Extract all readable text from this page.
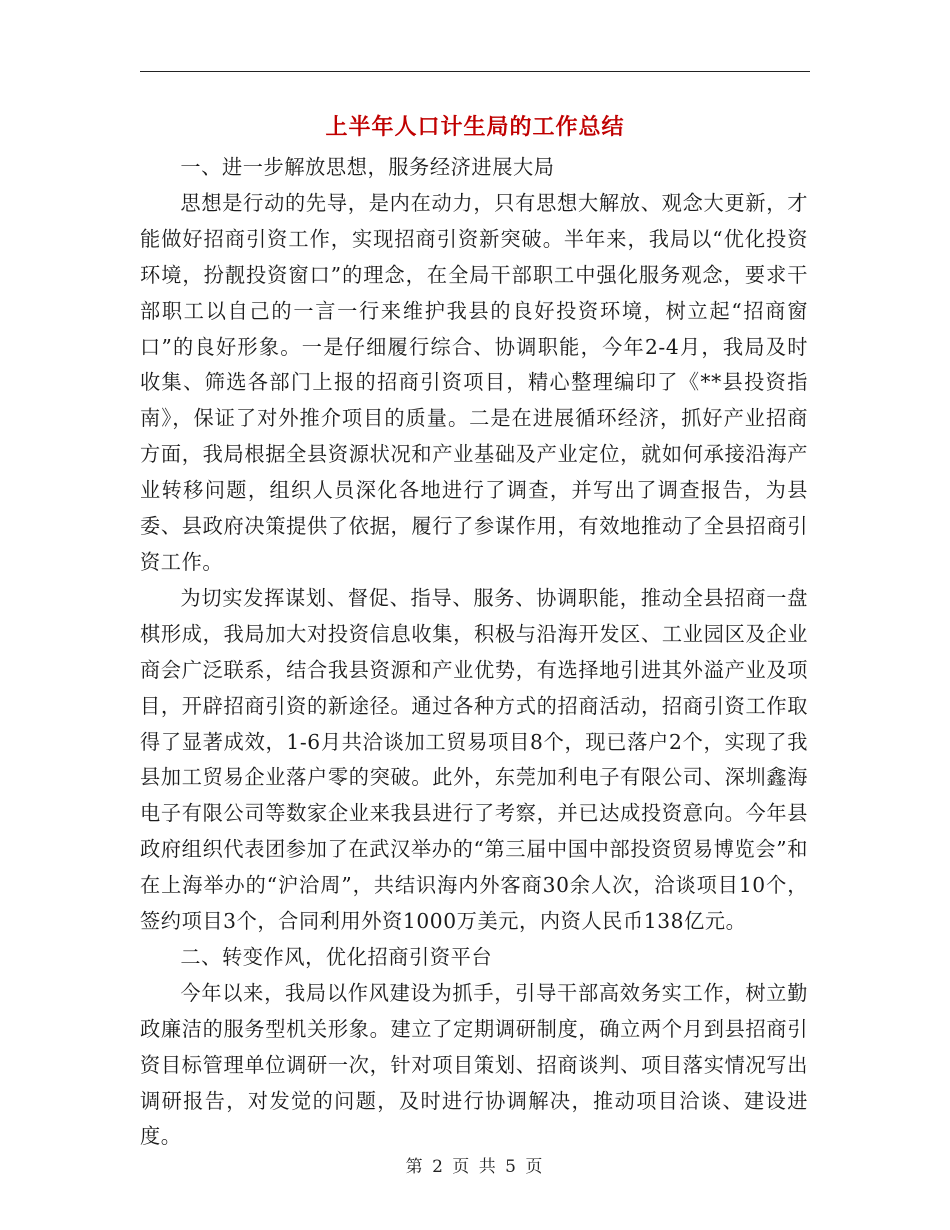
上半年人口计生局的工作总结

一、进一步解放思想，服务经济进展大局

思想是行动的先导，是内在动力，只有思想大解放、观念大更新，才能做好招商引资工作，实现招商引资新突破。半年来，我局以“优化投资环境，扮靓投资窗口”的理念，在全局干部职工中强化服务观念，要求干部职工以自己的一言一行来维护我县的良好投资环境，树立起“招商窗口”的良好形象。一是仔细履行综合、协调职能，今年2-4月，我局及时收集、筛选各部门上报的招商引资项目，精心整理编印了《**县投资指南》，保证了对外推介项目的质量。二是在进展循环经济，抓好产业招商方面，我局根据全县资源状况和产业基础及产业定位，就如何承接沿海产业转移问题，组织人员深化各地进行了调查，并写出了调查报告，为县委、县政府决策提供了依据，履行了参谋作用，有效地推动了全县招商引资工作。

为切实发挥谋划、督促、指导、服务、协调职能，推动全县招商一盘棋形成，我局加大对投资信息收集，积极与沿海开发区、工业园区及企业商会广泛联系，结合我县资源和产业优势，有选择地引进其外溢产业及项目，开辟招商引资的新途径。通过各种方式的招商活动，招商引资工作取得了显著成效，1-6月共洽谈加工贸易项目8个，现已落户2个，实现了我县加工贸易企业落户零的突破。此外，东莞加利电子有限公司、深圳鑫海电子有限公司等数家企业来我县进行了考察，并已达成投资意向。今年县政府组织代表团参加了在武汉举办的“第三届中国中部投资贸易博览会”和在上海举办的“沪洽周”，共结识海内外客商30余人次，洽谈项目10个，签约项目3个，合同利用外资1000万美元，内资人民币138亿元。

二、转变作风，优化招商引资平台

今年以来，我局以作风建设为抓手，引导干部高效务实工作，树立勤政廉洁的服务型机关形象。建立了定期调研制度，确立两个月到县招商引资目标管理单位调研一次，针对项目策划、招商谈判、项目落实情况写出调研报告，对发觉的问题，及时进行协调解决，推动项目洽谈、建设进度。

第 2 页 共 5 页
